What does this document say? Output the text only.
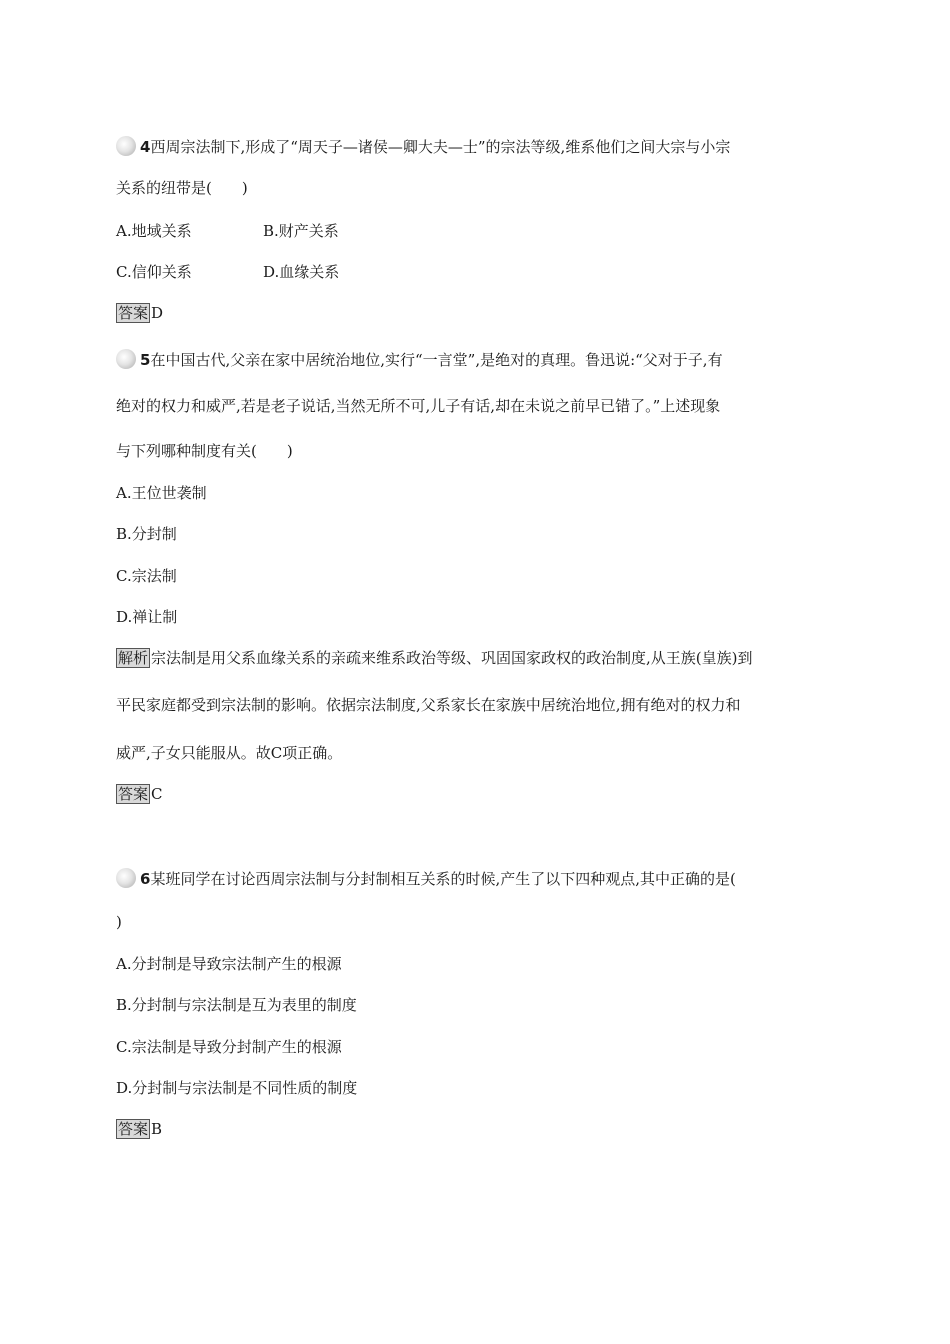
4西周宗法制下,形成了“周天子—诸侯—卿大夫—士”的宗法等级,维系他们之间大宗与小宗
关系的纽带是(　　)
A.地域关系	B.财产关系
C.信仰关系	D.血缘关系
答案 D
5在中国古代,父亲在家中居统治地位,实行“一言堂”,是绝对的真理。鲁迅说:“父对于子,有
绝对的权力和威严,若是老子说话,当然无所不可,儿子有话,却在未说之前早已错了。”上述现象
与下列哪种制度有关(　　)
A.王位世袭制
B.分封制
C.宗法制
D.禅让制
解析 宗法制是用父系血缘关系的亲疏来维系政治等级、巩固国家政权的政治制度,从王族(皇族)到
平民家庭都受到宗法制的影响。依据宗法制度,父系家长在家族中居统治地位,拥有绝对的权力和
威严,子女只能服从。故C项正确。
答案 C
6某班同学在讨论西周宗法制与分封制相互关系的时候,产生了以下四种观点,其中正确的是(
)
A.分封制是导致宗法制产生的根源
B.分封制与宗法制是互为表里的制度
C.宗法制是导致分封制产生的根源
D.分封制与宗法制是不同性质的制度
答案 B
